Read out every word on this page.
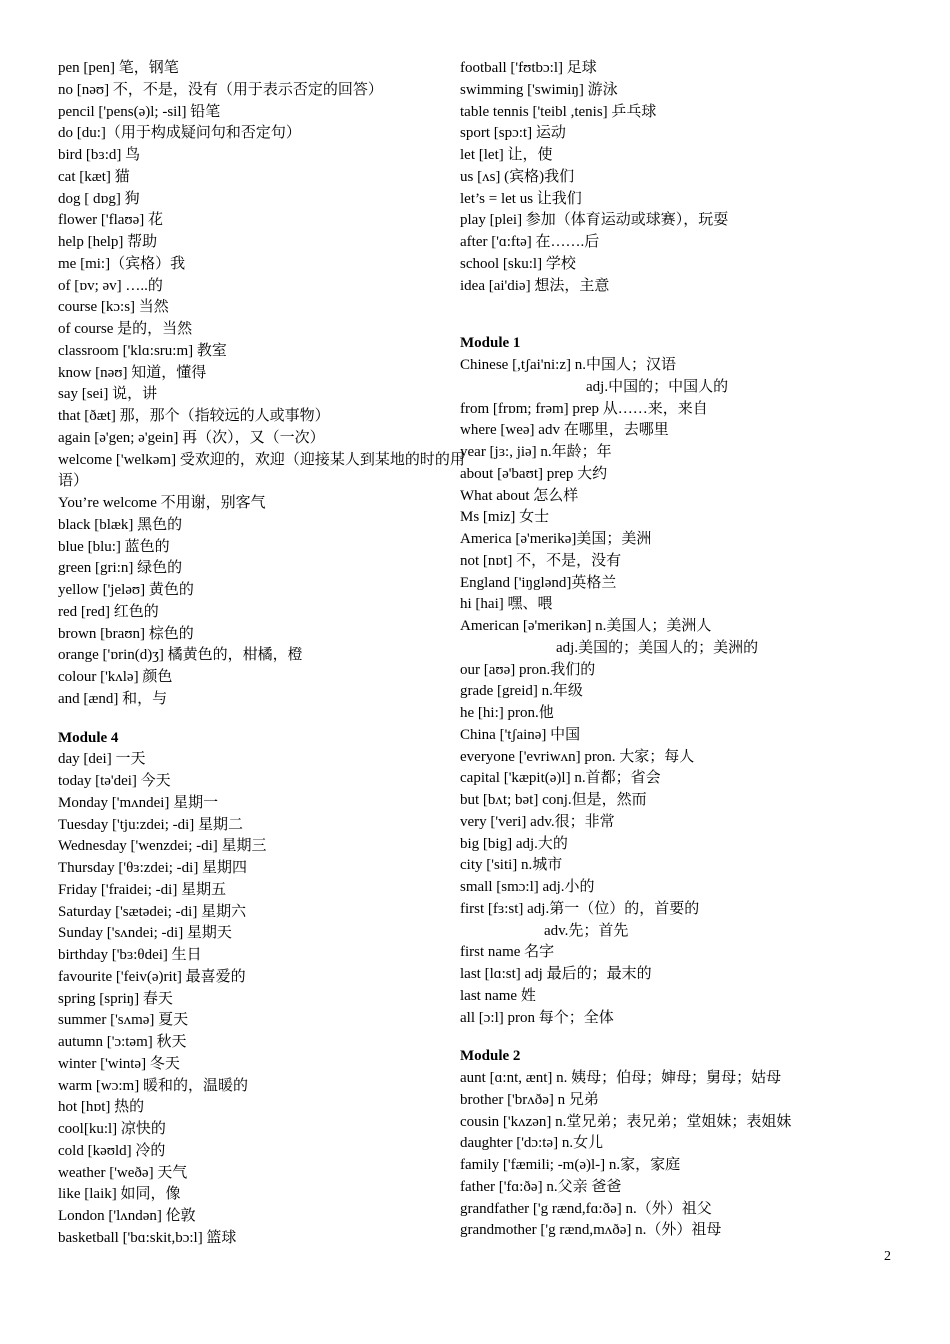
pen [pen] 笔，钢笔
no [nəʊ] 不，不是，没有（用于表示否定的回答）
pencil ['pens(ə)l; -sil] 铅笔
do [du:]（用于构成疑问句和否定句）
bird [bɜ:d] 鸟
cat [kæt] 猫
dog [ dɒg] 狗
flower ['flaʊə] 花
help [help] 帮助
me [mi:]（宾格）我
of [ɒv; əv] …..的
course [kɔ:s] 当然
of course 是的，当然
classroom ['klɑ:sru:m] 教室
know [nəʊ] 知道，懂得
say [sei] 说，讲
that [ðæt] 那，那个（指较远的人或事物）
again [ə'gen; ə'gein] 再（次），又（一次）
welcome ['welkəm] 受欢迎的，欢迎（迎接某人到某地的时的用语）
You’re welcome 不用谢，别客气
black [blæk] 黑色的
blue [blu:] 蓝色的
green [gri:n] 绿色的
yellow ['jeləʊ] 黄色的
red [red] 红色的
brown [braʊn] 棕色的
orange ['ɒrin(d)ʒ] 橘黄色的，柑橘，橙
colour ['kʌlə] 颜色
and [ænd] 和，与
Module 4
day [dei] 一天
today [tə'dei] 今天
Monday ['mʌndei] 星期一
Tuesday ['tju:zdei; -di] 星期二
Wednesday ['wenzdei; -di] 星期三
Thursday ['θɜ:zdei; -di] 星期四
Friday ['fraidei; -di] 星期五
Saturday ['sætədei; -di] 星期六
Sunday ['sʌndei; -di] 星期天
birthday ['bɜ:θdei] 生日
favourite ['feiv(ə)rit] 最喜爱的
spring [spriŋ] 春天
summer ['sʌmə] 夏天
autumn ['ɔ:təm] 秋天
winter ['wintə] 冬天
warm [wɔ:m] 暖和的，温暖的
hot [hɒt] 热的
cool[ku:l] 凉快的
cold [kəʊld] 冷的
weather ['weðə] 天气
like [laik] 如同，像
London ['lʌndən] 伦敦
basketball ['bɑ:skit,bɔ:l] 篮球
football ['fʊtbɔ:l] 足球
swimming ['swimiŋ] 游泳
table tennis ['teibl ,tenis] 乒乓球
sport [spɔ:t] 运动
let [let] 让，使
us [ʌs] (宾格)我们
let’s = let us 让我们
play [plei] 参加（体育运动或球赛），玩耍
after ['ɑ:ftə] 在…….后
school [sku:l] 学校
idea [ai'diə] 想法，主意
Module 1
Chinese [,tʃai'ni:z] n.中国人；汉语
adj.中国的；中国人的
from [frɒm; frəm] prep 从……来，来自
where [weə] adv 在哪里，去哪里
year [jɜ:, jiə] n.年龄；年
about [ə'baʊt] prep 大约
What about 怎么样
Ms [miz] 女士
America [ə'merikə]美国；美洲
not [nɒt] 不，不是，没有
England ['iŋglənd]英格兰
hi [hai] 嘿、喂
American [ə'merikən] n.美国人；美洲人
adj.美国的；美国人的；美洲的
our [aʊə] pron.我们的
grade [greid] n.年级
he [hi:] pron.他
China ['tʃainə] 中国
everyone ['evriwʌn] pron. 大家；每人
capital ['kæpit(ə)l] n.首都；省会
but [bʌt; bət] conj.但是，然而
very ['veri] adv.很；非常
big [big] adj.大的
city ['siti] n.城市
small [smɔ:l] adj.小的
first [fɜ:st] adj.第一（位）的，首要的
adv.先；首先
first name 名字
last [lɑ:st] adj 最后的；最末的
last name 姓
all [ɔ:l] pron 每个；全体
Module 2
aunt [ɑ:nt, ænt] n. 姨母；伯母；婶母；舅母；姑母
brother ['brʌðə] n 兄弟
cousin ['kʌzən] n.堂兄弟；表兄弟；堂姐妹；表姐妹
daughter ['dɔ:tə] n.女儿
family ['fæmili; -m(ə)l-] n.家，家庭
father ['fɑ:ðə] n.父亲 爸爸
grandfather ['g rænd,fɑ:ðə] n.（外）祖父
grandmother ['g rænd,mʌðə] n.（外）祖母
2
